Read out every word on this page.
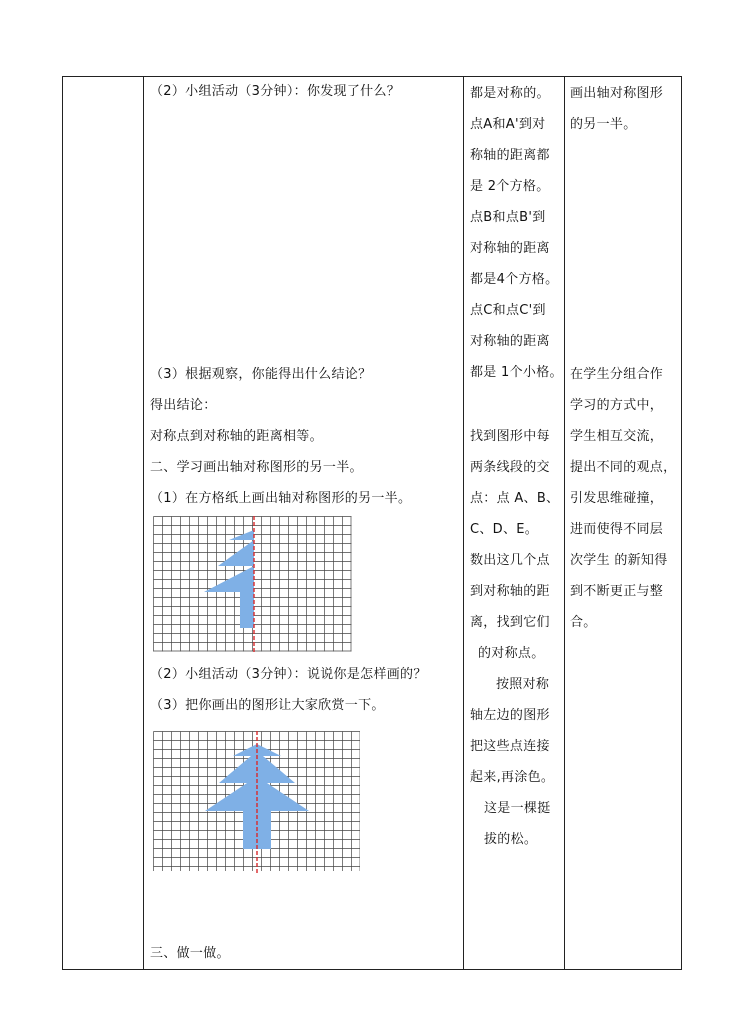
（2）小组活动（3分钟）：你发现了什么？
（3）根据观察，你能得出什么结论？
得出结论：
对称点到对称轴的距离相等。
二、学习画出轴对称图形的另一半。
（1）在方格纸上画出轴对称图形的另一半。
（2）小组活动（3分钟）：说说你是怎样画的？
（3）把你画出的图形让大家欣赏一下。
三、做一做。
都是对称的。
点A和A'到对
称轴的距离都
是 2个方格。
点B和点B'到
对称轴的距离
都是4个方格。
点C和点C'到
对称轴的距离
都是 1个小格。
找到图形中每
两条线段的交
点：点 A、B、
C、D、E。
数出这几个点
到对称轴的距
离，找到它们
的对称点。
按照对称
轴左边的图形
把这些点连接
起来,再涂色。
这是一棵挺
拔的松。
画出轴对称图形
的另一半。
在学生分组合作
学习的方式中，
学生相互交流，
提出不同的观点，
引发思维碰撞，
进而使得不同层
次学生 的新知得
到不断更正与整
合。
